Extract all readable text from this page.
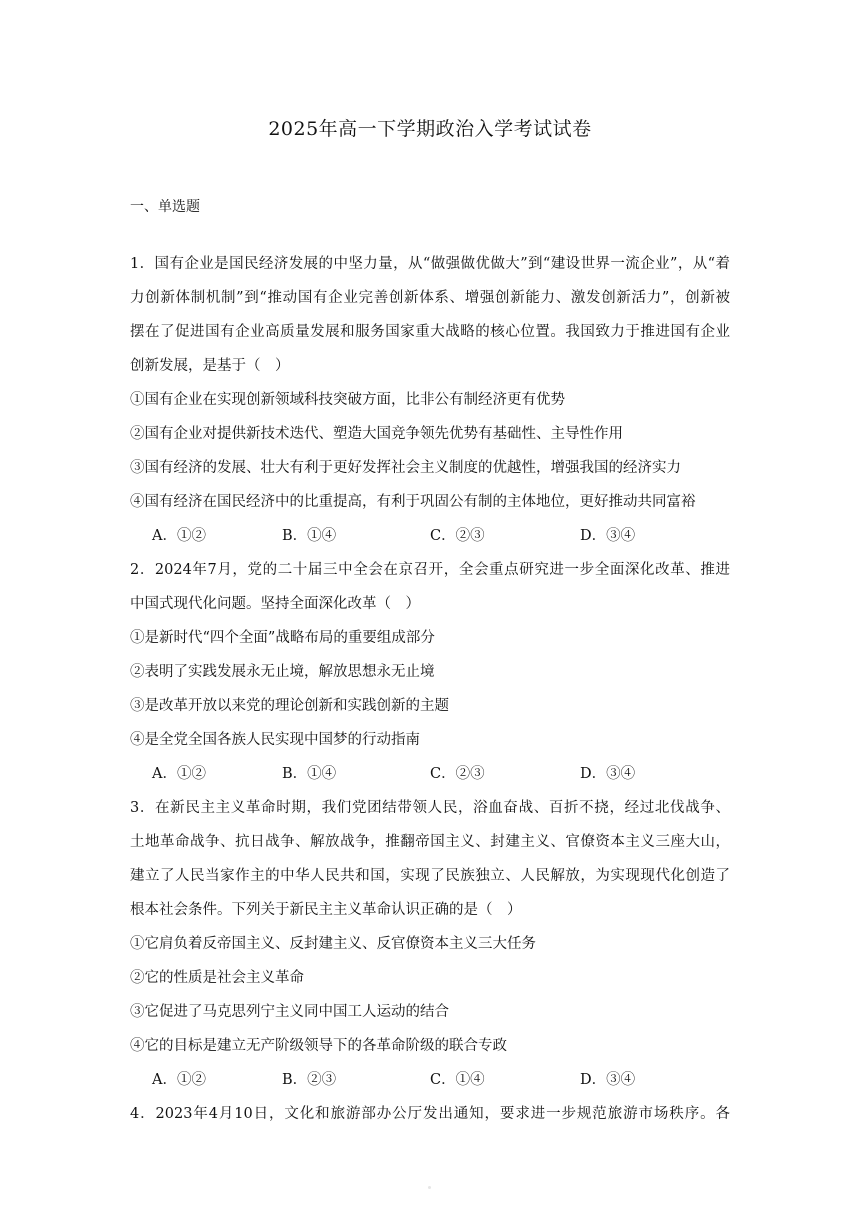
2025年高一下学期政治入学考试试卷
一、单选题
1．国有企业是国民经济发展的中坚力量，从“做强做优做大”到“建设世界一流企业”，从“着
力创新体制机制”到“推动国有企业完善创新体系、增强创新能力、激发创新活力”，创新被
摆在了促进国有企业高质量发展和服务国家重大战略的核心位置。我国致力于推进国有企业
创新发展，是基于（　）
①国有企业在实现创新领域科技突破方面，比非公有制经济更有优势
②国有企业对提供新技术迭代、塑造大国竞争领先优势有基础性、主导性作用
③国有经济的发展、壮大有利于更好发挥社会主义制度的优越性，增强我国的经济实力
④国有经济在国民经济中的比重提高，有利于巩固公有制的主体地位，更好推动共同富裕
A．①②	B．①④	C．②③	D．③④
2．2024年7月，党的二十届三中全会在京召开，全会重点研究进一步全面深化改革、推进
中国式现代化问题。坚持全面深化改革（　）
①是新时代“四个全面”战略布局的重要组成部分
②表明了实践发展永无止境，解放思想永无止境
③是改革开放以来党的理论创新和实践创新的主题
④是全党全国各族人民实现中国梦的行动指南
A．①②	B．①④	C．②③	D．③④
3．在新民主主义革命时期，我们党团结带领人民，浴血奋战、百折不挠，经过北伐战争、
土地革命战争、抗日战争、解放战争，推翻帝国主义、封建主义、官僚资本主义三座大山，
建立了人民当家作主的中华人民共和国，实现了民族独立、人民解放，为实现现代化创造了
根本社会条件。下列关于新民主主义革命认识正确的是（　）
①它肩负着反帝国主义、反封建主义、反官僚资本主义三大任务
②它的性质是社会主义革命
③它促进了马克思列宁主义同中国工人运动的结合
④它的目标是建立无产阶级领导下的各革命阶级的联合专政
A．①②	B．②③	C．①④	D．③④
4．2023年4月10日，文化和旅游部办公厅发出通知，要求进一步规范旅游市场秩序。各
